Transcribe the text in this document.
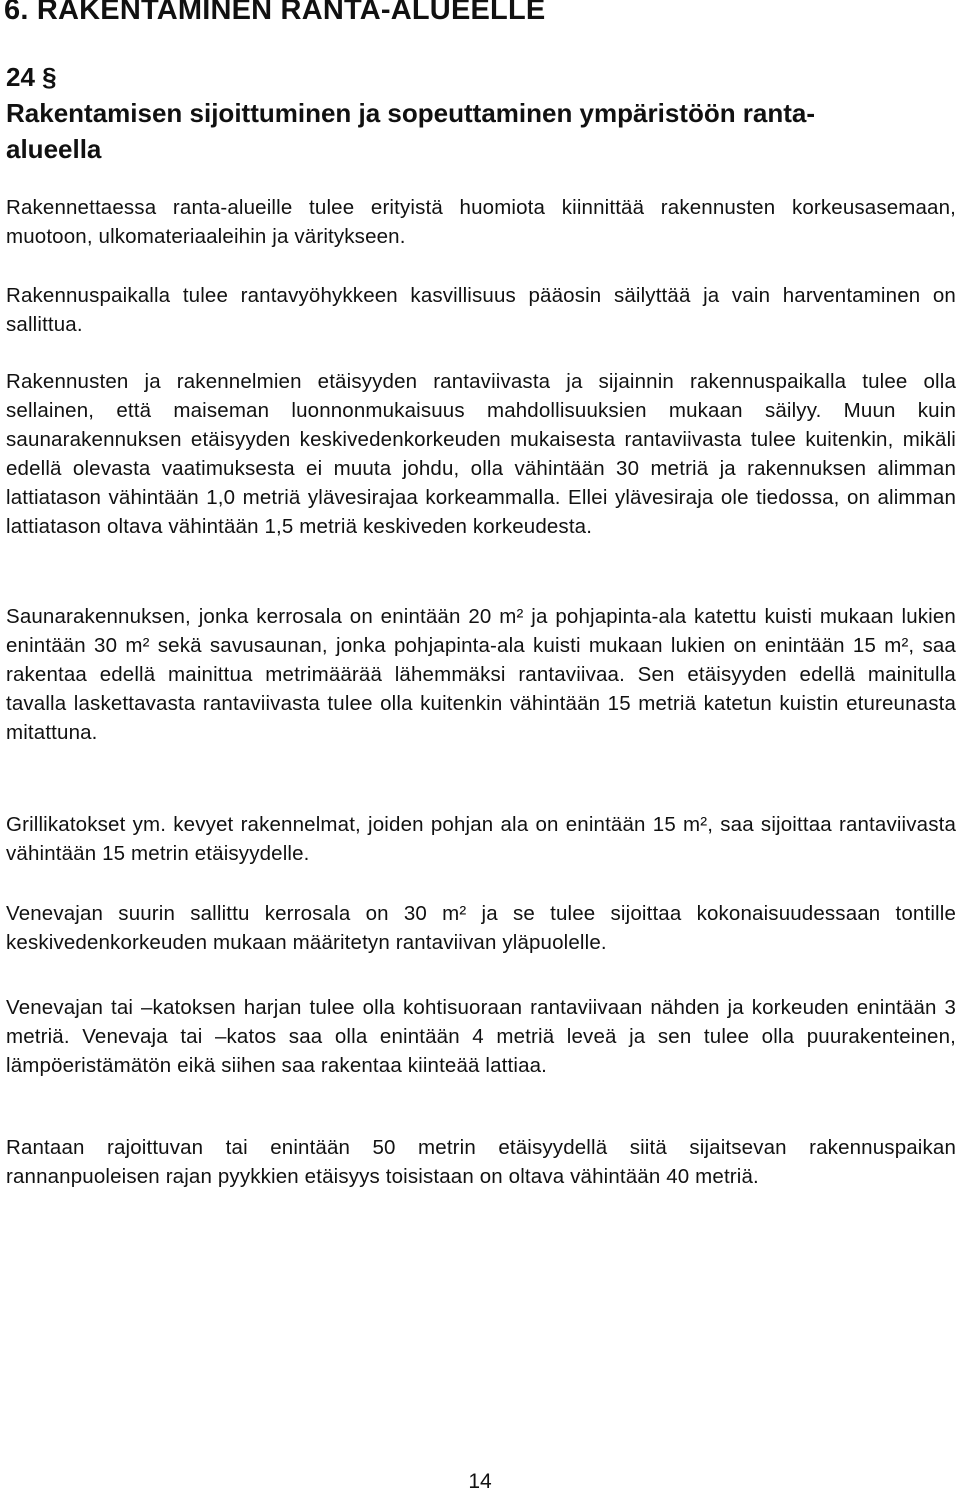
6. RAKENTAMINEN RANTA-ALUEELLE
24 §
Rakentamisen sijoittuminen ja sopeuttaminen ympäristöön ranta-alueella

Rakennettaessa ranta-alueille tulee erityistä huomiota kiinnittää rakennusten korkeusasemaan, muotoon, ulkomateriaaleihin ja väritykseen.

Rakennuspaikalla tulee rantavyöhykkeen kasvillisuus pääosin säilyttää ja vain harventaminen on sallittua.

Rakennusten ja rakennelmien etäisyyden rantaviivasta ja sijainnin rakennuspaikalla tulee olla sellainen, että maiseman luonnonmukaisuus mahdollisuuksien mukaan säilyy. Muun kuin saunarakennuksen etäisyyden keskivedenkorkeuden mukaisesta rantaviivasta tulee kuitenkin, mikäli edellä olevasta vaatimuksesta ei muuta johdu, olla vähintään 30 metriä ja rakennuksen alimman lattiatason vähintään 1,0 metriä ylävesirajaa korkeammalla. Ellei ylävesiraja ole tiedossa, on alimman lattiatason oltava vähintään 1,5 metriä keskiveden korkeudesta.

Saunarakennuksen, jonka kerrosala on enintään 20 m² ja pohjapinta-ala katettu kuisti mukaan lukien enintään 30 m² sekä savusaunan, jonka pohjapinta-ala kuisti mukaan lukien on enintään 15 m², saa rakentaa edellä mainittua metrimäärää lähemmäksi rantaviivaa. Sen etäisyyden edellä mainitulla tavalla laskettavasta rantaviivasta tulee olla kuitenkin vähintään 15 metriä katetun kuistin etureunasta mitattuna.

Grillikatokset ym. kevyet rakennelmat, joiden pohjan ala on enintään 15 m², saa sijoittaa rantaviivasta vähintään 15 metrin etäisyydelle.

Venevajan suurin sallittu kerrosala on 30 m² ja se tulee sijoittaa kokonaisuudessaan tontille keskivedenkorkeuden mukaan määritetyn rantaviivan yläpuolelle.

Venevajan tai –katoksen harjan tulee olla kohtisuoraan rantaviivaan nähden ja korkeuden enintään 3 metriä. Venevaja tai –katos saa olla enintään 4 metriä leveä ja sen tulee olla puurakenteinen, lämpöeristämätön eikä siihen saa rakentaa kiinteää lattiaa.

Rantaan rajoittuvan tai enintään 50 metrin etäisyydellä siitä sijaitsevan rakennuspaikan rannanpuoleisen rajan pyykkien etäisyys toisistaan on oltava vähintään 40 metriä.

14
